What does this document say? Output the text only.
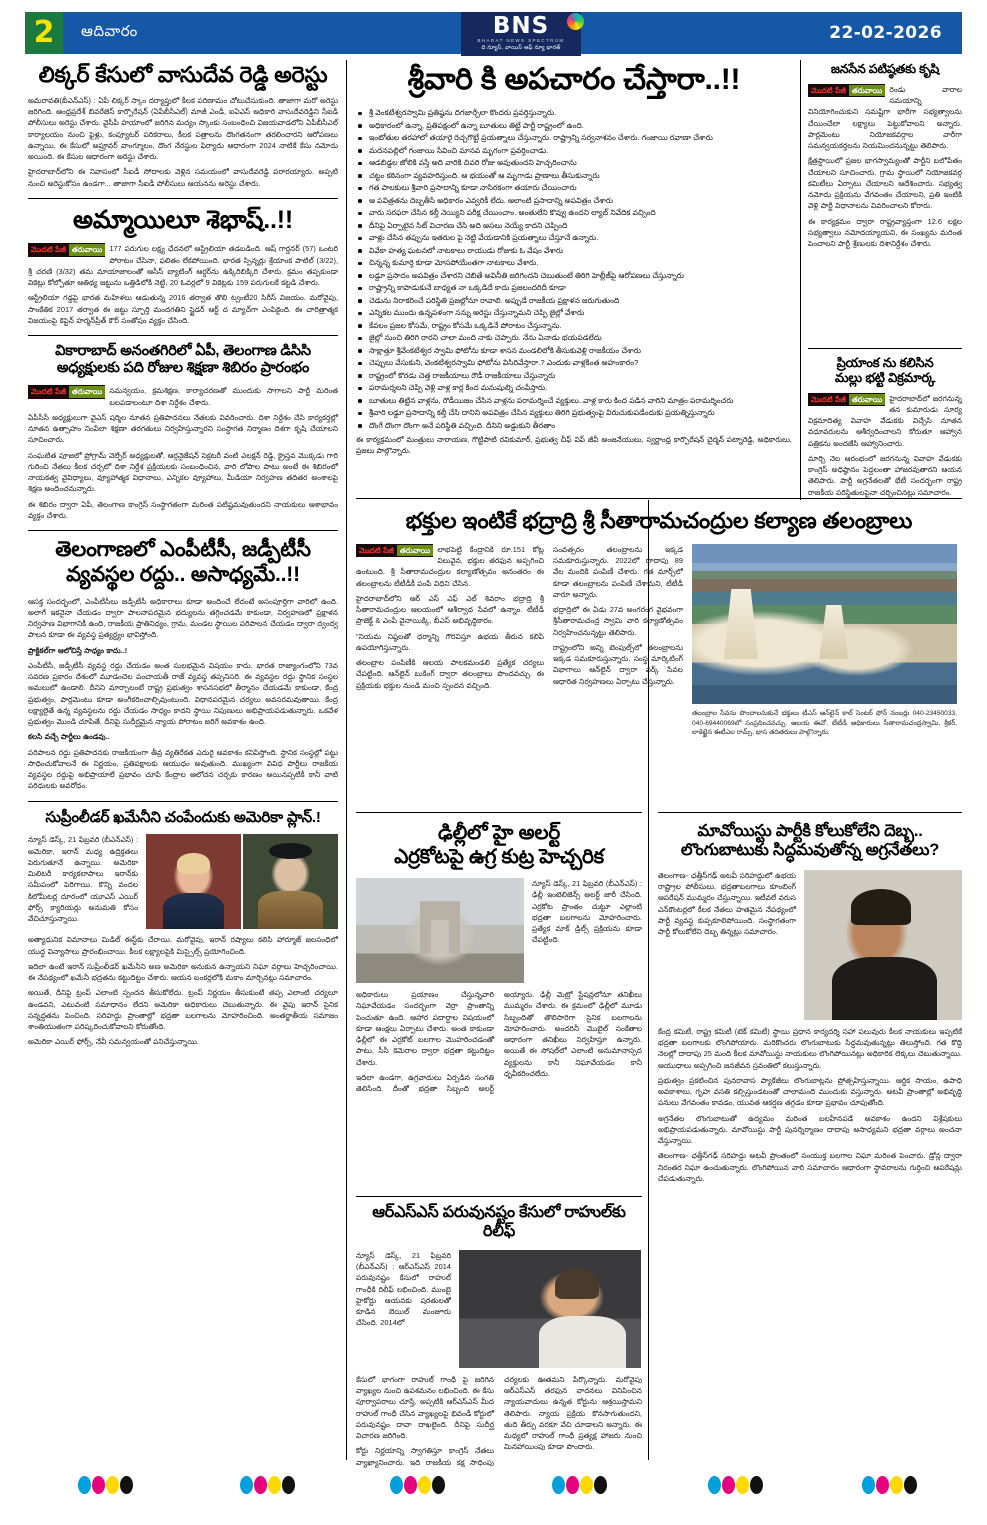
2 ఆదివారం	BNS
BHARAT NEWS SPECTRUM
ది న్యూస్, వాయిస్ ఆఫ్ న్యూ భారత్
22-02-2026
లిక్కర్ కేసులో వాసుదేవ రెడ్డి అరెస్టు

అమరావతి(బీఎన్ఎస్) : ఏపీ లిక్కర్ స్కాం దర్యాప్తులో కీలక పరిణామం చోటుచేసుకుంది. తాజాగా మరో అరెస్టు జరిగింది. ఆంధ్రప్రదేశ్ బివరేజెస్ కార్పొరేషన్ (ఏపీబీసీఎల్) మాజీ ఎండీ, ఐఏఎస్ అధికారి వాసుదేవరెడ్డిని సీఐడీ పోలీసులు అరెస్టు చేశారు. వైసీపీ హయాంలో జరిగిన మద్యం స్కాంకు సంబంధించి విజయవాడలోని ఏపీబీసీఎల్ కార్యాలయం నుంచి ఫైళ్లు, కంప్యూటర్ పరికరాలు, కీలక పత్రాలను దొంగతనంగా తరలించారని ఆరోపణలు ఉన్నాయి. ఈ కేసులో అప్రూవర్ వాంగ్మూలం, దొంగ నేరస్థుల ఫిర్యాదు ఆధారంగా 2024 నాటికే కేసు నమోదు అయింది. ఈ కేసుల ఆధారంగా అరెస్టు చేశారు.

హైదరాబాద్‌లోని ఈ నివాసంలో సీఐడీ సోదాలకు వెళ్లిన సమయంలో వాసుదేవరెడ్డి పరారయ్యారు. అప్పటి నుంచి అరెస్టుకోసం ఉండగా... తాజాగా సీఐడీ పోలీసులు ఆయనను అరెస్టు చేశారు.

అమ్మాయిలూ శెభాష్..!!
మొదటి పేజీ తరువాయి 177 పరుగుల లక్ష్య ఛేదనలో ఆస్ట్రేలియా తడబడింది. ఆష్ గార్డనర్ (57) ఒంటరి పోరాటం చేసినా, ఫలితం లేకపోయింది. భారత స్పిన్నర్లు శ్రేయాంక పాటిల్ (3/22), శ్రీ చరణి (3/32) తమ మాయాజాలంతో ఆసీస్ బ్యాటింగ్ ఆర్డర్‌ను ఉక్కిరిబిక్కిరి చేశారు. క్రమం తప్పకుండా వికెట్లు కోల్పోతూ ఆతిథ్య జట్టును ఒత్తిడిలోకి నెట్టి, 20 ఓవర్లలో 9 వికెట్లకు 159 పరుగులకే కట్టడి చేశారు.

ఆస్ట్రేలియా గడ్డపై భారత మహిళలు ఆడుతున్న 2016 తర్వాత తొలి ట్వంటీ20 సిరీస్ విజయం. మరోవైపు, సాంకేతిక 2017 తర్వాత ఈ జట్టు స్ఫూర్తి మందగతిని స్టైడర్ ఆర్ట్ ద మ్యాచ్‌గా ఎంపికైంది. ఈ చారిత్రాత్మక విజయంపై కెప్టెన్ హర్మన్‌ప్రీత్ కౌర్ సంతోషం వ్యక్తం చేసింది.

వికారాబాద్ అనంతగిరిలో ఏపీ, తెలంగాణ డిసిసి
అధ్యక్షులకు పది రోజుల శిక్షణా శిబిరం ప్రారంభం
మొదటి పేజీ తరువాయి సమన్వయం, క్రమశిక్షణ, కార్యాచరణతో ముందుకు సాగాలని పార్టీ మరింత బలపడాలంటూ దిశా నిర్దేశం చేశారు.

ఏపీసీసీ అధ్యక్షులుగా వైఎస్ షర్మిల నూతన ప్రతిపాదనలు నేతలకు వివరించారు. దిశా నిర్దేశం చేసి కార్యకర్తల్లో నూతన ఉత్సాహం నింపేలా శిక్షణా తరగతులు నిర్వహిస్తున్నారని సంస్థాగత నిర్మాణం దిశగా కృషి చేయాలని సూచించారు.

సంఘటిత పూజలో ప్రోగ్రామ్ వెల్ఫేర్ అధ్యక్షులతో, ఆర్గనైజేషన్ సెక్రటరీ వంటి ఎలక్షన్ రెడ్డి, క్రైస్తవ మెుక్కడు గారి గురించి నేతలు కీలక చర్చలో దిశా నిర్దేశ ప్రక్రియలకు సంబంధించిన, వారి లోపాల పాటు అంటే ఈ శిబిరంలో నాయకత్వ వైవిధ్యాలు, వ్యూహాత్మక విధానాలు, ఎన్నికల వ్యూహాలు, మీడియా నిర్వహణ తదితర అంశాలపై శిక్షణ అందించనున్నారు.

ఈ శిబిరం ద్వారా ఏపీ, తెలంగాణ కాంగ్రెస్ సంస్థాగతంగా మరింత పటిష్టమవుతుందని నాయకులు ఆశాభావం వ్యక్తం చేశారు.

తెలంగాణలో ఎంపీటీసీ, జడ్పీటీసీ
వ్యవస్థల రద్దు.. అసాధ్యమే..!!

ఆసక్త సందర్భంలో, ఎంపీటీసీలు జడ్పీటీసీ అధికారాలు కూడా అందించే లేదంటే అసంపూర్తిగా వారిలో ఉంది. అలాగే ఇకనైనా చేయడం ద్వారా పాలనాపరమైన భద్యులను తగ్గించడమే కాకుండా, నిర్వహణలో ప్రక్షాళన నిర్వహణ విభాగానికీ ఉంది, రాజకీయ ప్రాతినిధ్యం, గ్రామ, మండల స్థాయిల పరిపాలన చేయడం ద్వారా ద్వంద్వ పాలన కూడా ఈ వ్యవస్థ ప్రత్యర్థ్యం భావిస్తోంది.

ప్రాక్టికల్‌గా ఆలోచిస్తే సాధ్యం కాదు..!

ఎంపీటీసీ, జడ్పీటీసీ వ్యవస్థ రద్దు చేయడం అంత సులభమైన విషయం కాదు. భారత రాజ్యాంగంలోని 73వ సవరణ ప్రకారం దేశంలో మూడంచెల పంచాయతీ రాజ్ వ్యవస్థ తప్పనిసరి. ఈ వ్యవస్థల రద్దు స్థానిక సంస్థల అమలులో ఉండాలి. దీనిని మార్చాలంటే రాష్ట్ర ప్రభుత్వం శాసనసభలో తీర్మానం చేయడమే కాకుండా, కేంద్ర ప్రభుత్వం, పార్లమెంటు కూడా అంగీకరించాల్సివుంటుంది. విధానపరమైన చర్యలు అవసరమవుతాయి. కేంద్ర లక్ష్యాలైతే ఉన్న వ్యవస్థలను రద్దు చేయడం సాధ్యం కాదని స్థాయి నిపుణులు అభిప్రాయపడుతున్నారు. ఒకవేళ ప్రభుత్వం మొండి చూపితే, దీనిపై సుదీర్ఘమైన న్యాయ పోరాటం జరిగే అవకాశం ఉంది.

కలసి వచ్చే పార్టీలు ఉండవు..

పరిపాలన రద్దు ప్రతిపాదనకు రాజకీయంగా తీవ్ర వ్యతిరేకత ఎదురై అవకాశం కనిపిస్తోంది. స్థానిక సంస్థల్లో పట్టు సాధించుకోవాలనే ఈ నిర్ణయం, ప్రతిపక్షాలకు ఆయుధం అవుతుంది. ముఖ్యంగా వివిధ పార్టీలు రాజకీయ వ్యవస్థల రద్దుపై అభిప్రాయాలే ప్రభావం చూపే కేంద్రాల ఆలోచన చర్చకు కారణం అయినప్పటికీ కానీ వాటి పరిధులకు అవరోధం.

సుప్రీంలీడర్ ఖమేనీని చంపేందుకు అమెరికా ప్లాన్.!
న్యూస్ డెస్క్, 21 ఫిబ్రవరి (బీఎన్ఎస్) : అమెరికా, ఇరాన్ మధ్య ఉద్రిక్తతలు పెరుగుతూనే ఉన్నాయి. అమెరికా మిలిటరీ కార్యకలాపాలు ఇరాన్‌కు సమీపంలో పెరిగాయి. కొన్ని వందల కిలోమీటర్ల దూరంలో యూఎస్ ఎయిర్ ఫోర్స్ క్యారియర్లు అనుమతి కోసం వేచిచూస్తున్నాయి.

అత్యాధునిక విమానాలు మిడిల్ ఈస్ట్‌కు చేరాయి. మరోవైపు, ఇరాన్ రష్యాలు కలిసి హార్మూజ్ జలసంధిలో యుద్ధ విన్యాసాలు ప్రారంభించాయి. కీలక లక్ష్యాలపైకి మిస్సైల్స్ ప్రయోగించింది.

ఇదిలా ఉంటే ఇరాన్ సుప్రీంలీడర్ ఖమేనీని అణ అమెరికా అనుకున ఉన్నాయని నిఘా వర్గాలు హెచ్చరించాయి. ఈ నేపథ్యంలో ఖమేనీ భద్రతను కట్టుదిట్టం చేశారు. ఆయన బంకర్లలోకి మకాం మార్చినట్లు సమాచారం.

అయితే, దీనిపై ట్రంప్ ఎలాంటి స్పందన తీసుకోలేదు. ట్రంప్ నిర్ణయం తీసుకుంటే తప్ప ఎలాంటి చర్యలూ ఉండవని, ఎటువంటి సమాధానం లేదని అమెరికా అధికారులు చెబుతున్నారు. ఈ వైపు ఇరాన్ సైనిక సన్నద్ధతను పెంచింది. సరిహద్దు ప్రాంతాల్లో భద్రతా బలగాలను మోహరించింది. అంతర్జాతీయ సమాజం శాంతియుతంగా పరిష్కరించుకోవాలని కోరుతోంది.

అమెరికా ఎయిర్ ఫోర్స్, నేవీ సమన్వయంతో పనిచేస్తున్నాయి.

శ్రీవారి కి అపచారం చేస్తారా..!!
శ్రీ వెంకటేశ్వరస్వామి ప్రతిష్ఠను దిగజార్చేలా కొందరు ప్రవర్తిస్తున్నారు.
అధికారంలో ఉన్నా, ప్రతిపక్షంలో ఉన్నా బూతులు తిట్టే పార్టీ రాష్ట్రంలో ఉంది.
ఇంటోతుల తరహాలో తయారై రెచ్చగొట్టే ప్రయత్నాలు చేస్తున్నారు. రాష్ట్రాన్ని సర్వనాశనం చేశారు. గంజాయి రవాణా చేశారు
మదనపల్లిలో గంజాయి సేవించి మానవ మృగంగా ప్రవర్తించాడు.
ఆడబిడ్డల జోలికి వస్తే అది వారికి చివరి రోజు అవుతుందని హెచ్చరించాను
చట్టం కఠినంగా వ్యవహరిస్తుంది. ఆ భయంతో ఆ మృగాడు ప్రాణాలు తీసుకున్నారు
గత పాలకులు శ్రీవారి ప్రసాదాన్ని కూడా నాసిరకంగా తయారు చేయించారు
ఆ పవిత్రతను దెబ్బతీసే అధికారం ఎవ్వరికీ లేదు. అలాంటి ప్రసాదాన్ని అపవిత్రం చేశారు
వారు సరఫరా చేసిన కల్తీ నెయ్యిని పరీక్ష చేయించాం. అంతులేని కొవ్వు ఉందని ల్యాబ్ నివేదిక వచ్చింది
దీనిపై ఏర్పాటైన సిట్ విచారణ చేసి అది అసలు నెయ్యే కాదని చెప్పింది
వాళ్లు చేసిన తప్పును ఇతరుల పై నెట్టి వేయడానికి ప్రయత్నాలు చేస్తూనే ఉన్నారు.
వివేకా హత్య ఘటనలో నాటకాలు రాయుడు రోజుకు ఓ వేషం వేశారు
చిన్నన్న కుమార్తె కూడా మోసపోయేంతగా నాటకాలు వేశారు.
లడ్డూ ప్రసాదం అపవిత్రం చేశారని చెబితే అవినీతి జరిగిందని చెబుతుంటే తిరిగి హెల్లీజ్‌పై ఆరోపణలు చేస్తున్నారు
రాష్ట్రాన్ని కాపాడుకునే బాధ్యత నా ఒక్కడిదే కాదు ప్రజలందరిదీ కూడా
చెడును నిరాకరించే పరిస్థితి ప్రజల్లోనూ రావాలి. అప్పుడే రాజకీయ ప్రక్షాళన జరుగుతుంది
ఎన్నికల ముందు ఉన్నపళంగా సన్ను అరెస్టు చేస్తున్నామని చెప్పి జైల్లో వేశారు
కేవలం ప్రజల కోసమే, రాష్ట్రం కోసమే ఒక్కడినే పోరాటం చేస్తున్నాను.
జైల్లో నుంచి తిరిగి రారని చాలా మంది నాకు చెప్పారు. నేను ఏనాడు భయపడలేదు
సాక్షాత్తూ శ్రీవేంకటేశ్వర స్వామి ఫోటోను కూడా శాసన మండలిలోకి తీసుకువెళ్లి రాజకీయం చేశారు
చెప్పులు వేసుకుని, వెంకటేశ్వరస్వామి ఫోటోను విసిరివేస్తారా.? ఎందుకు వాళ్లకింత అహంకారం?
రాష్ట్రంలో కొరడు చెత్త రాజకీయాలు రౌడీ రాజకీయాలు చేస్తున్నారు
పరామర్శలని చెప్పి వెళ్లి వాళ్ల కార్ల కింద మనుషుల్ని చంపేస్తారు.
బూతులు తిట్టిన వాళ్లను, రౌడీయిజం చేసిన వాళ్లను పరామర్శించే వ్యక్తులు..వాళ్ల కారు కింద పడిన వారిని మాత్రం పరామర్శించరు
శ్రీవారి లడ్డూ ప్రసాదాన్ని కల్తీ చేసి దానిని అపవిత్రం చేసిన వ్యక్తులు తిరిగి ప్రభుత్వంపై విరుచుకుపడేందుకు ప్రయత్నిస్తున్నారు
దొంగే దొంగా దొంగా అనే పరిస్థితి వచ్చింది. దీనిని అడ్డుకుని తీరతాం
ఈ కార్యక్రమంలో మంత్రులు నారాయణ, గొట్టిపాటి రవికుమార్, ప్రభుత్వ చీఫ్ విప్ జీవీ అంజనేయులు, స్వర్ణాంధ్ర కార్పొరేషన్ చైర్మన్ పట్నారెడ్డి, అధికారులు, ప్రజలు పాల్గొన్నారు.
జనసేన పటిష్ఠతకు కృషి
మొదటి పేజీ తరువాయి రెండు వారాల సమయాన్ని వినియోగించుకుని సమష్టిగా భారీగా సభ్యత్వాలను చేయించేలా లక్ష్యాలు పెట్టుకోవాలని అన్నారు. పార్లమెంటు నియోజకవర్గాల వారీగా సమన్వయకర్తలను నియమించనున్నట్టు తెలిపారు.

క్షేత్రస్థాయిలో ప్రజల భాగస్వామ్యంతో పార్టీని బలోపేతం చేయాలని సూచించారు. గ్రామ స్థాయిలో నియోజకవర్గ కమిటీలు ఏర్పాటు చేయాలని ఆదేశించారు. సభ్యత్వ నమోదు ప్రక్రియను వేగవంతం చేయాలని, ప్రతి ఇంటికి వెళ్లి పార్టీ విధానాలను వివరించాలని కోరారు.

ఈ కార్యక్రమం ద్వారా రాష్ట్రవ్యాప్తంగా 12.6 లక్షల సభ్యత్వాలు నమోదయ్యాయని, ఈ సంఖ్యను మరింత పెంచాలని పార్టీ శ్రేణులకు దిశానిర్దేశం చేశారు.

ప్రియాంక ను కలిసిన
మల్లు భట్టి విక్రమార్క
మొదటి పేజీ తరువాయి హైదరాబాద్‌లో జరగనున్న తన కుమారుడు సూర్య విక్రమాదిత్య వివాహ వేడుకకు విచ్చేసి నూతన వధూవరులను ఆశీర్వదించాలని కోరుతూ ఆహ్వాన పత్రికను అందజేసి ఆహ్వానించారు.

మార్చి నెల ఆరంభంలో జరగనున్న వివాహ వేడుకకు కాంగ్రెస్ అధిష్ఠానం పెద్దలంతా హాజరవుతారని ఆయన తెలిపారు. పార్టీ అగ్రనేతలతో భేటీ సందర్భంగా రాష్ట్ర రాజకీయ పరిస్థితులపైనా చర్చించినట్లు సమాచారం.

భక్తుల ఇంటికే భద్రాద్రి శ్రీ సీతారామచంద్రుల కల్యాణ తలంబ్రాలు
మొదటి పేజీ తరువాయి లాభపెట్టి కేంద్రానికి రూ.151 కోట్ల విలువైన, భక్తుల తరఫున అప్పగించి ఉంటుంది. శ్రీ సీతారామచంద్రుల కల్యాణోత్సవం అనంతరం ఈ తలంబ్రాలను టీటీడీకీ పంపే విధిని చేసిన.

హైదరాబాద్‌లోని ఆర్ ఎస్ ఎఫ్ ఎల్ శివరాం భద్రాద్రి శ్రీ సీతారామచంద్రుల ఆలయంలో ఆశీర్వాద సేవలో ఉన్నాం. టీటీడీ ప్రాజెక్ట్ & ఎంపీ వైనాయిక్కి, బీఎస్ అభివృద్ధికారం.

"నియమ నిష్ఠలతో ధర్మాన్ని గౌరవిస్తూ ఉభయ తీరున కలిపి ఉపయోగిస్తున్నారు.

తలంబ్రాల పంపిణీకి ఆలయ పాలకమండలి ప్రత్యేక చర్యలు చేపట్టింది. ఆన్‌లైన్ బుకింగ్ ద్వారా తలంబ్రాలు పొందవచ్చు. ఈ ప్రక్రియకు భక్తుల నుండి మంచి స్పందన వచ్చింది.

సంవత్సరం తలంబ్రాలను ఇక్కడ సమకూరుస్తున్నారు. 2022లో దాదాపు 89 వేల మందికి పంపిణీ చేశారు. గత మార్చ్‌లో కూడా తలంబ్రాలను పంపిణీ చేశామని, టీటీడీ వారూ అన్నారు.

భద్రాద్రిలో ఈ ఏడు 27వ అంగరంగ వైభవంగా శ్రీసీతారామచంద్ర స్వామి వారి కల్యాణోత్సవం నిర్వహించనున్నట్టు తెలిపారు.

రాష్ట్రంలోని అన్ని టెంపుల్స్‌లో తలంబ్రాలను ఇక్కడ సమకూరుస్తున్నారు. సంస్థ మార్కెటింగ్ విభాగాలు ఆన్‌లైన్ ద్వారా వర్క్ సేవల ఆధారిత నిర్వహణలు ఏర్పాటు చేస్తున్నారు.

తలంబ్రాల సేవను పొందాలనుకునే భక్తులు టీఎస్ ఆన్‌లైన్ కాల్ సెంటర్ ఫోన్ నంబర్లు 040-23450033, 040-69440069లో సంప్రదించవచ్చు. ఆలయ ఈవో, టీటీడీ అధికారులు సీతారామచంద్రస్వామి, శ్రీకర్, లాకెట్టైన ఈటీఎల రామ్స్, భాస తదితరులు పాల్గొన్నారు.
ఢిల్లీలో హై అలర్ట్
ఎర్రకోటపై ఉగ్ర కుట్ర హెచ్చరిక
న్యూస్ డెస్క్, 21 ఫిబ్రవరి (బీఎన్ఎస్) : ఢిల్లీ ఇంటెలిజెన్స్ అలర్ట్ జారీ చేసింది. ఎర్రకోట ప్రాంతం చుట్టూ ఎల్లాంటి భద్రతా బలగాలను మోహరించారు. ప్రత్యేక మాక్ డ్రిల్స్ ప్రక్రియను కూడా చేపట్టింది.

అధికారులు ప్రయాణం చేస్తున్నవారి నిఘావేయడం సందర్భంగా వెర్రా ప్రాంతాన్ని పెంచుతూ ఉంది. ఆహార పదార్థాల విషయంలో కూడా ఆంక్షలు ఏర్పాటు చేశారు. అంత కాకుండా ఢిల్లీలో ఈ ఎర్రకోట్ బలగాల మొహరించడంతో పాటు, సీసీ కెమెరాల ద్వారా భద్రతా కట్టుదిట్టం చేశారు.

ఇదిలా ఉండగా, ఉగ్రవాదులు ఏర్పడిన సంగతి తెలిసింది. దీంతో భద్రతా సిబ్బంది అలర్ట్ అయ్యారు. ఢిల్లీ మెట్రో స్టేషన్లలోనూ తనిఖీలు ముమ్మరం చేశారు. ఈ క్రమంలో ఢిల్లీలో మూడు సిబ్బందితో తొలిసారిగా సైనిక బలగాలను మోహరించారు. అందరినీ మొబైల్ సంకేతాల ఆధారంగా తనిఖీలు నిర్వహిస్తూ ఉన్నారు. అయితే ఈ సోషల్‌లో ఎలాంటి అనుమానాస్పద వ్యక్తులను కానీ నిఘావేయడం కానీ ధృవీకరించలేదు.

ఆర్ఎస్ఎస్ పరువునష్టం కేసులో రాహుల్‌కు రిలీఫ్
న్యూస్ డెస్క్, 21 ఫిబ్రవరి (బీఎన్ఎస్) : ఆర్ఎస్ఎస్ 2014 పరువునష్టం కేసులో రాహుల్ గాంధీకి రిలీఫ్ లభించింది. ముంబై హైకోర్టు ఆయనకు షరతులతో కూడిన బెయిల్ మంజూరు చేసింది. 2014లో

కేసులో భాగంగా రాహుల్ గాంధీ పై జరిగిన వ్యాఖ్యల నుంచి ఉపశమనం లభించింది. ఈ కేసు పూర్వాపరాలు చూస్తే, అప్పటికి ఆర్ఎస్ఎస్ మీద రాహుల్ గాంధీ చేసిన వ్యాఖ్యలపై భివండీ కోర్టులో పరువునష్టం దావా దాఖలైంది. దీనిపై సుదీర్ఘ విచారణ జరిగింది.

కోర్టు నిర్ణయాన్ని స్వాగతిస్తూ కాంగ్రెస్ నేతలు వ్యాఖ్యానించారు. ఇది రాజకీయ కక్ష సాధింపు చర్యలకు ఊతమని పేర్కొన్నారు. మరోవైపు ఆర్ఎస్ఎస్ తరఫున వాదనలు వినిపించిన న్యాయవాదులు ఉన్నత కోర్టును ఆశ్రయిస్తామని తెలిపారు. న్యాయ ప్రక్రియ కొనసాగుతుందని, తుది తీర్పు వరకూ వేచి చూడాలని అన్నారు. ఈ మధ్యలో రాహుల్ గాంధీ ప్రత్యక్ష హాజరు నుంచి మినహాయింపు కూడా పొందారు.

మావోయిస్టు పార్టీకి కోలుకోలేని దెబ్బ..
లొంగుబాటుకు సిద్ధమవుతోన్న అగ్రనేతలు?
తెలంగాణ- ఛత్తీస్‌గఢ్ అటవీ సరిహద్దులో ఉభయ రాష్ట్రాల పోలీసులు, భద్రతాబలగాలు కూంబింగ్ ఆపరేషన్ ముమ్మరం చేస్తున్నాయి. ఇటీవలే వరుస ఎన్‌కౌంటర్లలో కీలక నేతలు హతమైన నేపథ్యంలో పార్టీ వ్యవస్థ కుప్పకూలిపోయింది. సంస్థాగతంగా పార్టీ కోలుకోలేని దెబ్బ తిన్నట్లు సమాచారం.

కేంద్ర కమిటీ, రాష్ట్ర కమిటీ (టెక్ కమిటీ) స్థాయి ప్రధాన కార్యదర్శి సహా పలువురు కీలక నాయకులు ఇప్పటికే భద్రతా బలగాలకు లొంగిపోయారు. మరికొందరు లొంగుబాటుకు సిద్ధమవుతున్నట్లు తెలుస్తోంది. గత కొద్ది నెలల్లో దాదాపు 25 మంది కీలక మావోయిస్టు నాయకులు లొంగిపోయినట్లు అధికారిక లెక్కలు చెబుతున్నాయి. ఆయుధాలు అప్పగించి జనజీవన స్రవంతిలో కలుస్తున్నారు.

ప్రభుత్వం ప్రకటించిన పునరావాస ప్యాకేజీలు లొంగుబాట్లను ప్రోత్సహిస్తున్నాయి. ఆర్థిక సాయం, ఉపాధి అవకాశాలు, గృహ వసతి కల్పిస్తుండటంతో చాలామంది ముందుకు వస్తున్నారు. అటవీ ప్రాంతాల్లో అభివృద్ధి పనులు వేగవంతం కావడం, యువత ఆకర్షణ తగ్గడం కూడా ప్రభావం చూపుతోంది.

అగ్రనేతల లొంగుబాటుతో ఉద్యమం మరింత బలహీనపడే అవకాశం ఉందని విశ్లేషకులు అభిప్రాయపడుతున్నారు. మావోయిస్టు పార్టీ పునర్నిర్మాణం దాదాపు అసాధ్యమని భద్రతా వర్గాలు అంచనా వేస్తున్నాయి.

తెలంగాణ- ఛత్తీస్‌గఢ్ సరిహద్దు అటవీ ప్రాంతంలో సంయుక్త బలగాల నిఘా మరింత పెంచారు. డ్రోన్ల ద్వారా నిరంతర నిఘా ఉంచుతున్నారు. లొంగిపోయిన వారి సమాచారం ఆధారంగా స్థావరాలను గుర్తించి ఆపరేషన్లు చేపడుతున్నారు.
